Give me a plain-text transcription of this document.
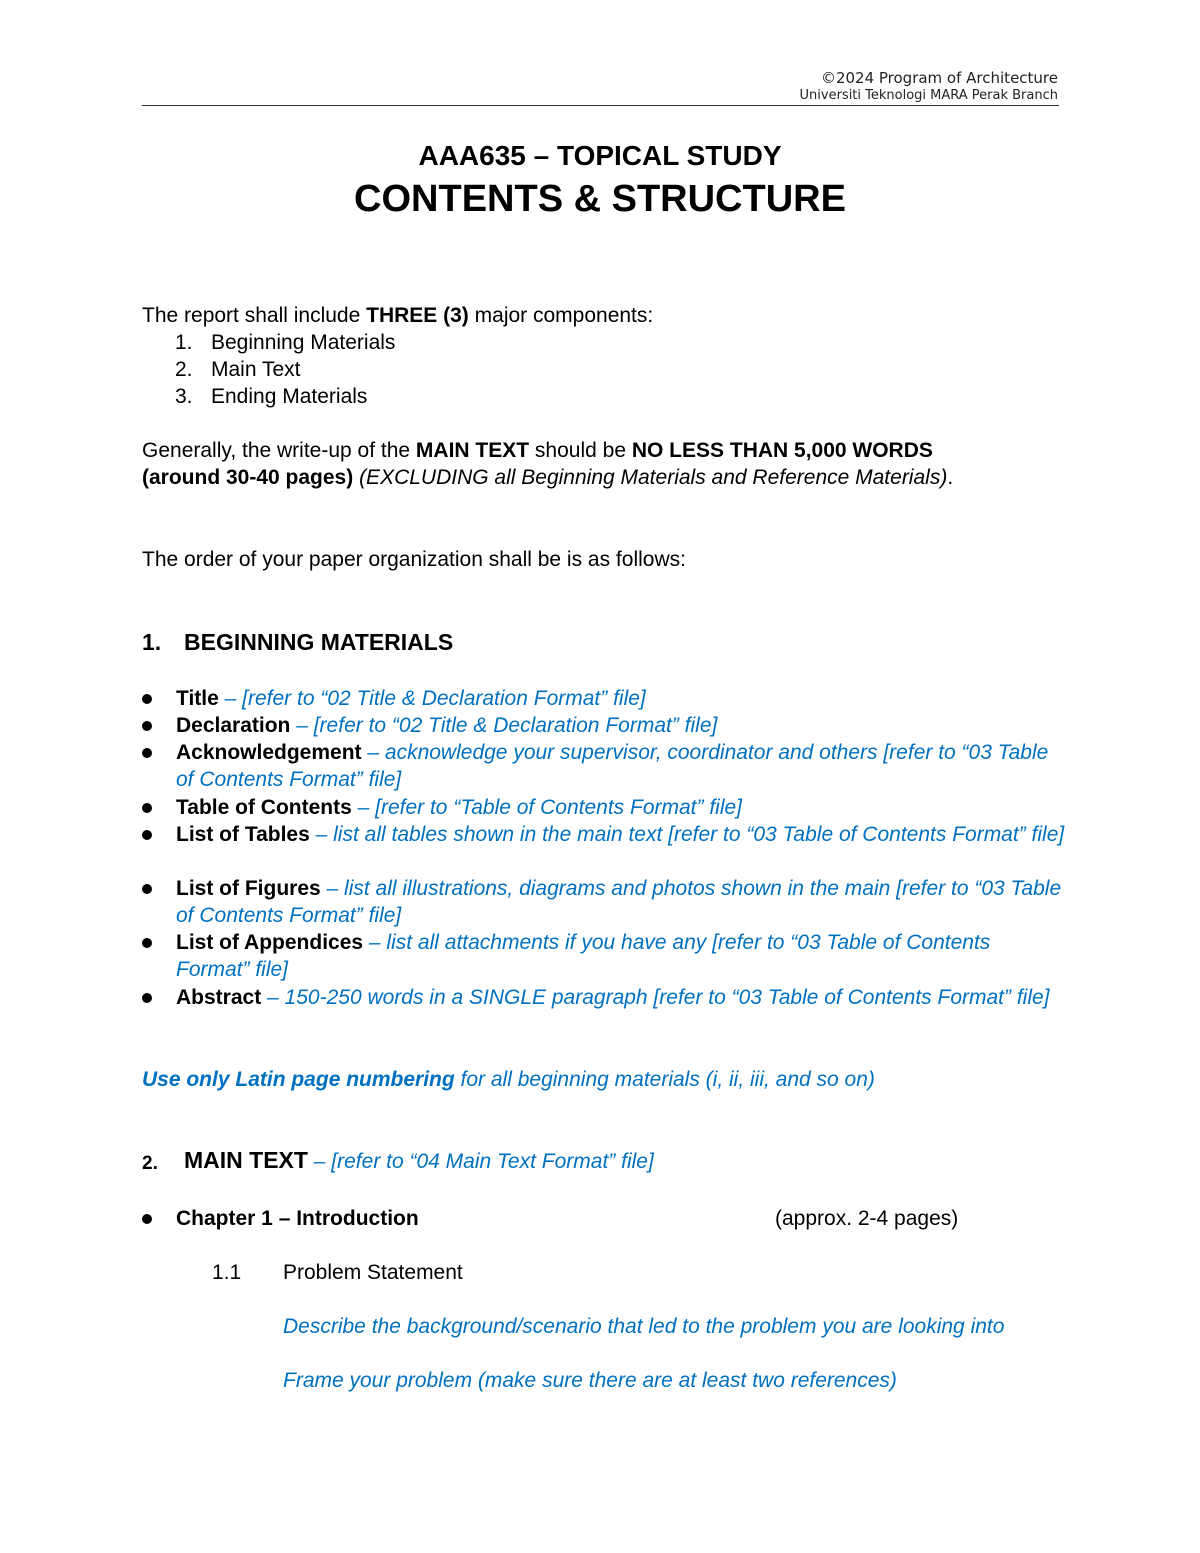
©2024 Program of Architecture
Universiti Teknologi MARA Perak Branch
AAA635 – TOPICAL STUDY
CONTENTS & STRUCTURE
The report shall include THREE (3) major components:
1. Beginning Materials
2. Main Text
3. Ending Materials
Generally, the write-up of the MAIN TEXT should be NO LESS THAN 5,000 WORDS
(around 30-40 pages) (EXCLUDING all Beginning Materials and Reference Materials).
The order of your paper organization shall be is as follows:
1. BEGINNING MATERIALS
Title – [refer to “02 Title & Declaration Format” file]
Declaration – [refer to “02 Title & Declaration Format” file]
Acknowledgement – acknowledge your supervisor, coordinator and others [refer to “03 Table of Contents Format” file]
Table of Contents – [refer to “Table of Contents Format” file]
List of Tables – list all tables shown in the main text [refer to “03 Table of Contents Format” file]
List of Figures – list all illustrations, diagrams and photos shown in the main [refer to “03 Table of Contents Format” file]
List of Appendices – list all attachments if you have any [refer to “03 Table of Contents Format” file]
Abstract – 150-250 words in a SINGLE paragraph [refer to “03 Table of Contents Format” file]
Use only Latin page numbering for all beginning materials (i, ii, iii, and so on)
2. MAIN TEXT – [refer to “04 Main Text Format” file]
Chapter 1 – Introduction	(approx. 2-4 pages)
1.1 Problem Statement
Describe the background/scenario that led to the problem you are looking into
Frame your problem (make sure there are at least two references)
